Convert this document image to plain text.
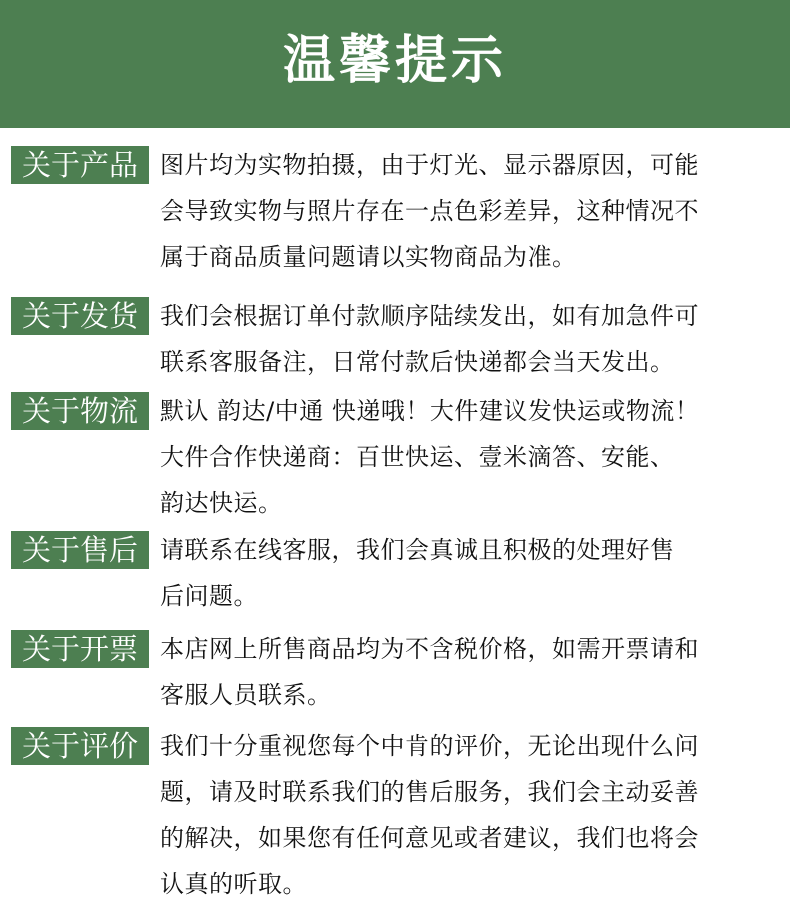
温馨提示
关于产品 图片均为实物拍摄，由于灯光、显示器原因，可能
会导致实物与照片存在一点色彩差异，这种情况不
属于商品质量问题请以实物商品为准。
关于发货 我们会根据订单付款顺序陆续发出，如有加急件可
联系客服备注，日常付款后快递都会当天发出。
关于物流 默认 韵达/中通 快递哦！大件建议发快运或物流！
大件合作快递商：百世快运、壹米滴答、安能、
韵达快运。
关于售后 请联系在线客服，我们会真诚且积极的处理好售
后问题。
关于开票 本店网上所售商品均为不含税价格，如需开票请和
客服人员联系。
关于评价 我们十分重视您每个中肯的评价，无论出现什么问
题，请及时联系我们的售后服务，我们会主动妥善
的解决，如果您有任何意见或者建议，我们也将会
认真的听取。
